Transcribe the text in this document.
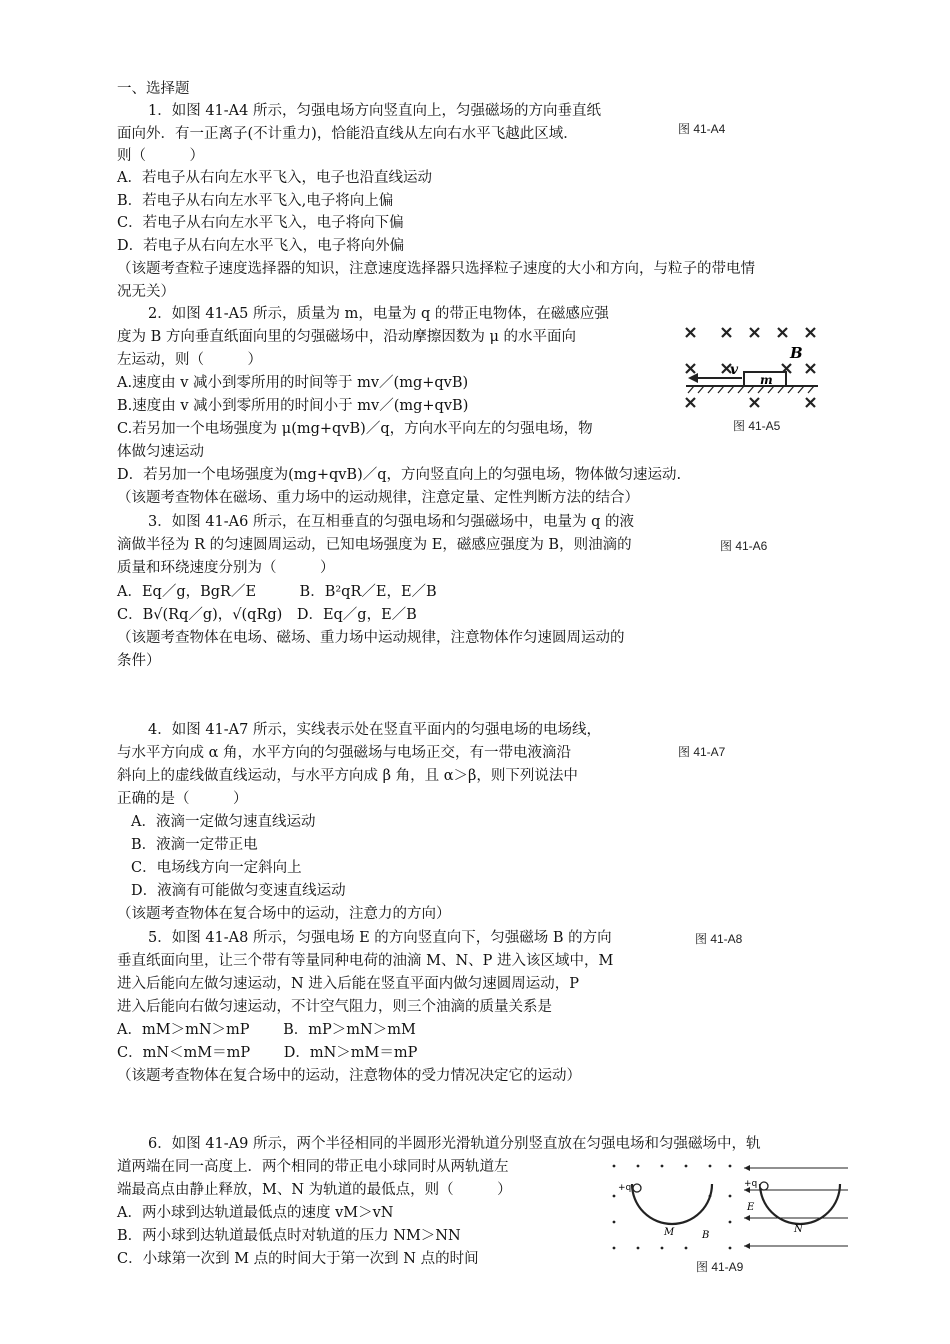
一、选择题
1．如图 41-A4 所示，匀强电场方向竖直向上，匀强磁场的方向垂直纸
面向外．有一正离子(不计重力)，恰能沿直线从左向右水平飞越此区域．
则（　　　）
图 41-A4
A．若电子从右向左水平飞入，电子也沿直线运动
B．若电子从右向左水平飞入,电子将向上偏
C．若电子从右向左水平飞入，电子将向下偏
D．若电子从右向左水平飞入，电子将向外偏
（该题考查粒子速度选择器的知识，注意速度选择器只选择粒子速度的大小和方向，与粒子的带电情
况无关）
2．如图 41-A5 所示，质量为 m，电量为 q 的带正电物体，在磁感应强
度为 B 方向垂直纸面向里的匀强磁场中，沿动摩擦因数为 μ 的水平面向
左运动，则（　　　）
A.速度由 v 减小到零所用的时间等于 mv／(mg+qvB)
B.速度由 v 减小到零所用的时间小于 mv／(mg+qvB)
C.若另加一个电场强度为 μ(mg+qvB)／q，方向水平向左的匀强电场，物
体做匀速运动
D．若另加一个电场强度为(mg+qvB)／q，方向竖直向上的匀强电场，物体做匀速运动.
（该题考查物体在磁场、重力场中的运动规律，注意定量、定性判断方法的结合）
B
m
v
图 41-A5
3．如图 41-A6 所示，在互相垂直的匀强电场和匀强磁场中，电量为 q 的液
滴做半径为 R 的匀速圆周运动，已知电场强度为 E，磁感应强度为 B，则油滴的
质量和环绕速度分别为（　　　）
图 41-A6
A．Eq／g，BgR／E　　　B．B²qR／E，E／B
C．B√(Rq／g)，√(qRg)　D．Eq／g，E／B
（该题考查物体在电场、磁场、重力场中运动规律，注意物体作匀速圆周运动的
条件）
4．如图 41-A7 所示，实线表示处在竖直平面内的匀强电场的电场线，
与水平方向成 α 角，水平方向的匀强磁场与电场正交，有一带电液滴沿
斜向上的虚线做直线运动，与水平方向成 β 角，且 α＞β，则下列说法中
正确的是（　　　）
图 41-A7
A．液滴一定做匀速直线运动
B．液滴一定带正电
C．电场线方向一定斜向上
D．液滴有可能做匀变速直线运动
（该题考查物体在复合场中的运动，注意力的方向）
5．如图 41-A8 所示，匀强电场 E 的方向竖直向下，匀强磁场 B 的方向
垂直纸面向里，让三个带有等量同种电荷的油滴 M、N、P 进入该区域中，M
进入后能向左做匀速运动，N 进入后能在竖直平面内做匀速圆周运动，P
进入后能向右做匀速运动，不计空气阻力，则三个油滴的质量关系是
图 41-A8
A．mM＞mN＞mP　　 B．mP＞mN＞mM
C．mN＜mM＝mP　　 D．mN＞mM＝mP
（该题考查物体在复合场中的运动，注意物体的受力情况决定它的运动）
6．如图 41-A9 所示，两个半径相同的半圆形光滑轨道分别竖直放在匀强电场和匀强磁场中，轨
道两端在同一高度上．两个相同的带正电小球同时从两轨道左
端最高点由静止释放，M、N 为轨道的最低点，则（　　　）
A．两小球到达轨道最低点的速度 vM＞vN
B．两小球到达轨道最低点时对轨道的压力 NM＞NN
C．小球第一次到 M 点的时间大于第一次到 N 点的时间
+q
M	B
+q
E
N
图 41-A9
